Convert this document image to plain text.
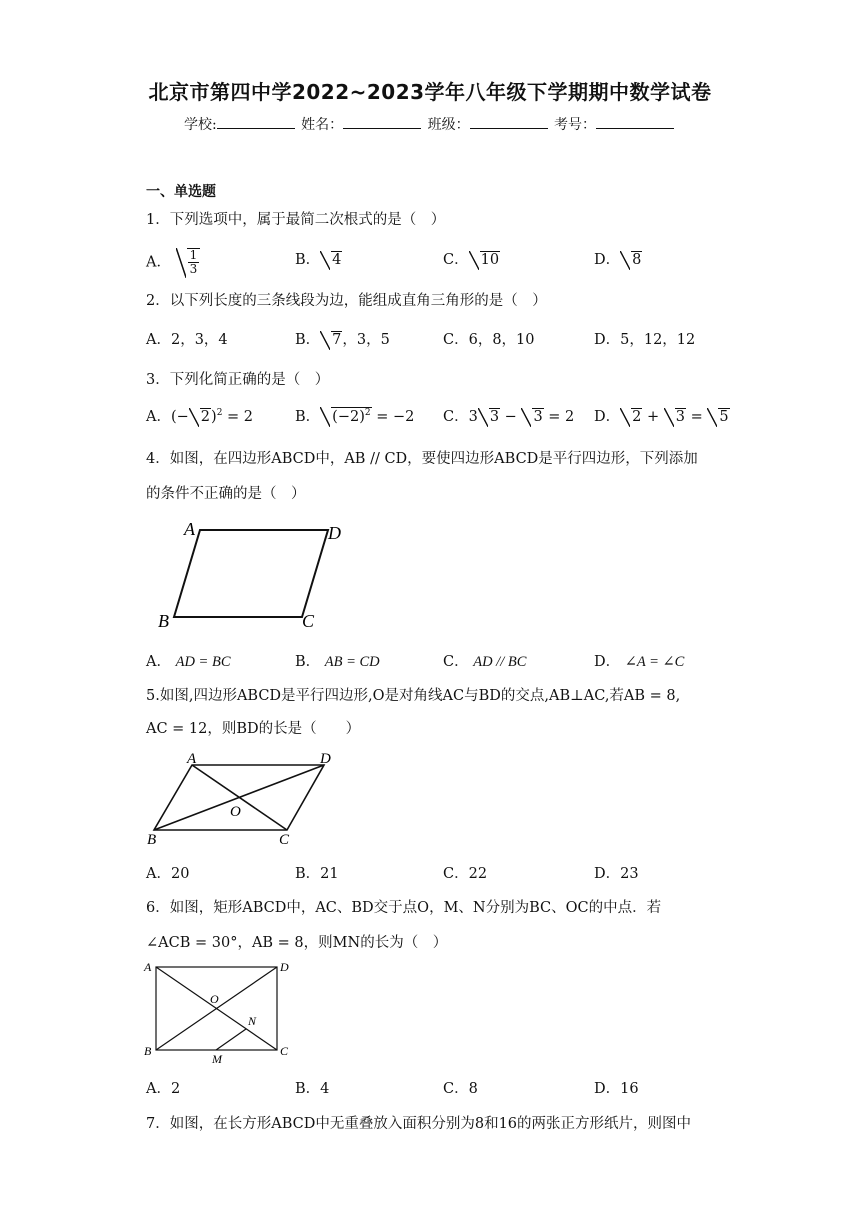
北京市第四中学2022~2023学年八年级下学期期中数学试卷
学校:	姓名：	班级：	考号：
一、单选题
1．下列选项中，属于最简二次根式的是（　）
A． $\frac{1}{3}$	B． 4	C． 10	D． 8
2．以下列长度的三条线段为边，能组成直角三角形的是（　）
A．2，3，4	B． 7，3，5	C．6，8，10	D．5，12，12
3．下列化简正确的是（　）
A．(− 2)$^2$ = 2	B． $(-2)^2 = -2$ C．3 3 − 3 = 2 D． 2 + 3 = 5
4．如图，在四边形ABCD中，AB // CD，要使四边形ABCD是平行四边形，下列添加
的条件不正确的是（　）
A	D
B	C
A． AD = BC	B． AB = CD	C． AD // BC	D． ∠A = ∠C
5.如图,四边形ABCD是平行四边形,O是对角线AC与BD的交点,AB⊥AC,若AB = 8,
AC = 12，则BD的长是（　　）
A	D
O
B	C
A．20	B．21	C．22	D．23
6．如图，矩形ABCD中，AC、BD交于点O，M、N分别为BC、OC的中点．若
∠ACB = 30°，AB = 8，则MN的长为（　）
A	D
O
N
B
M
C
A．2	B．4	C．8	D．16
7．如图，在长方形ABCD中无重叠放入面积分别为8和16的两张正方形纸片，则图中
